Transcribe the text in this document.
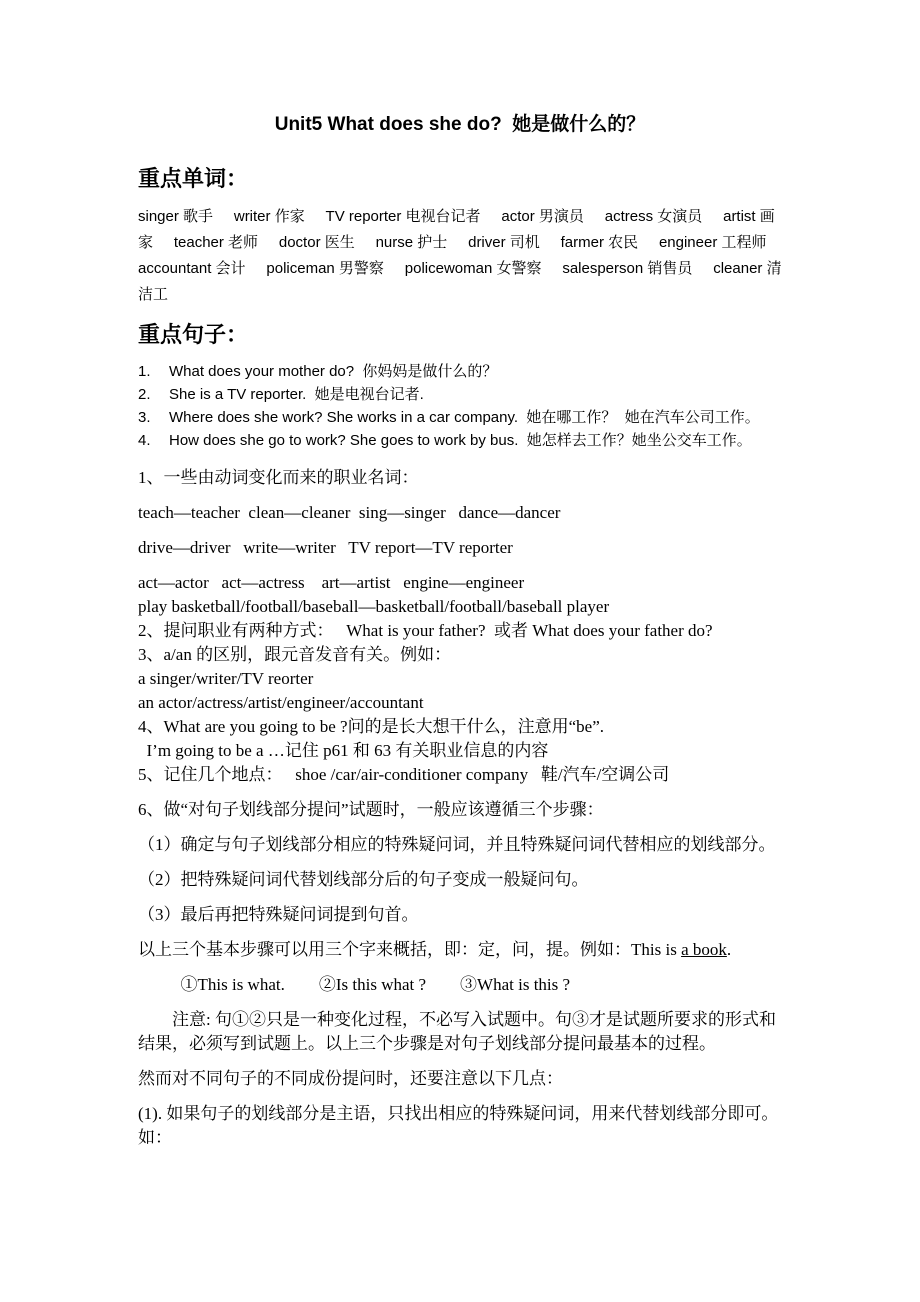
Unit5 What does she do?  她是做什么的？
重点单词：

singer 歌手     writer 作家     TV reporter 电视台记者     actor 男演员     actress 女演员     artist 画家     teacher 老师     doctor 医生     nurse 护士     driver 司机     farmer 农民     engineer 工程师     accountant 会计     policeman 男警察     policewoman 女警察     salesperson 销售员     cleaner 清洁工

重点句子：
1.	What does your mother do?  你妈妈是做什么的？
2.	She is a TV reporter.  她是电视台记者.
3.	Where does she work? She works in a car company.  她在哪工作？  她在汽车公司工作。
4.	How does she go to work? She goes to work by bus.  她怎样去工作？她坐公交车工作。

1、一些由动词变化而来的职业名词：

teach—teacher  clean—cleaner  sing—singer   dance—dancer

drive—driver   write—writer   TV report—TV reporter

act—actor   act—actress    art—artist   engine—engineer

play basketball/football/baseball—basketball/football/baseball player

2、提问职业有两种方式：   What is your father?  或者 What does your father do?

3、a/an 的区别，跟元音发音有关。例如：

a singer/writer/TV reorter

an actor/actress/artist/engineer/accountant

4、What are you going to be ?问的是长大想干什么，注意用“be”.

I’m going to be a …记住 p61 和 63 有关职业信息的内容

5、记住几个地点：   shoe /car/air-conditioner company   鞋/汽车/空调公司

6、做“对句子划线部分提问”试题时，一般应该遵循三个步骤：

（1）确定与句子划线部分相应的特殊疑问词，并且特殊疑问词代替相应的划线部分。

（2）把特殊疑问词代替划线部分后的句子变成一般疑问句。

（3）最后再把特殊疑问词提到句首。

以上三个基本步骤可以用三个字来概括，即：定，问，提。例如：This is a book.

　　  ①This is what.　　②Is this what ?　　③What is this ?

　　注意: 句①②只是一种变化过程，不必写入试题中。句③才是试题所要求的形式和结果，必须写到试题上。以上三个步骤是对句子划线部分提问最基本的过程。

然而对不同句子的不同成份提问时，还要注意以下几点：

(1). 如果句子的划线部分是主语，只找出相应的特殊疑问词，用来代替划线部分即可。如：
